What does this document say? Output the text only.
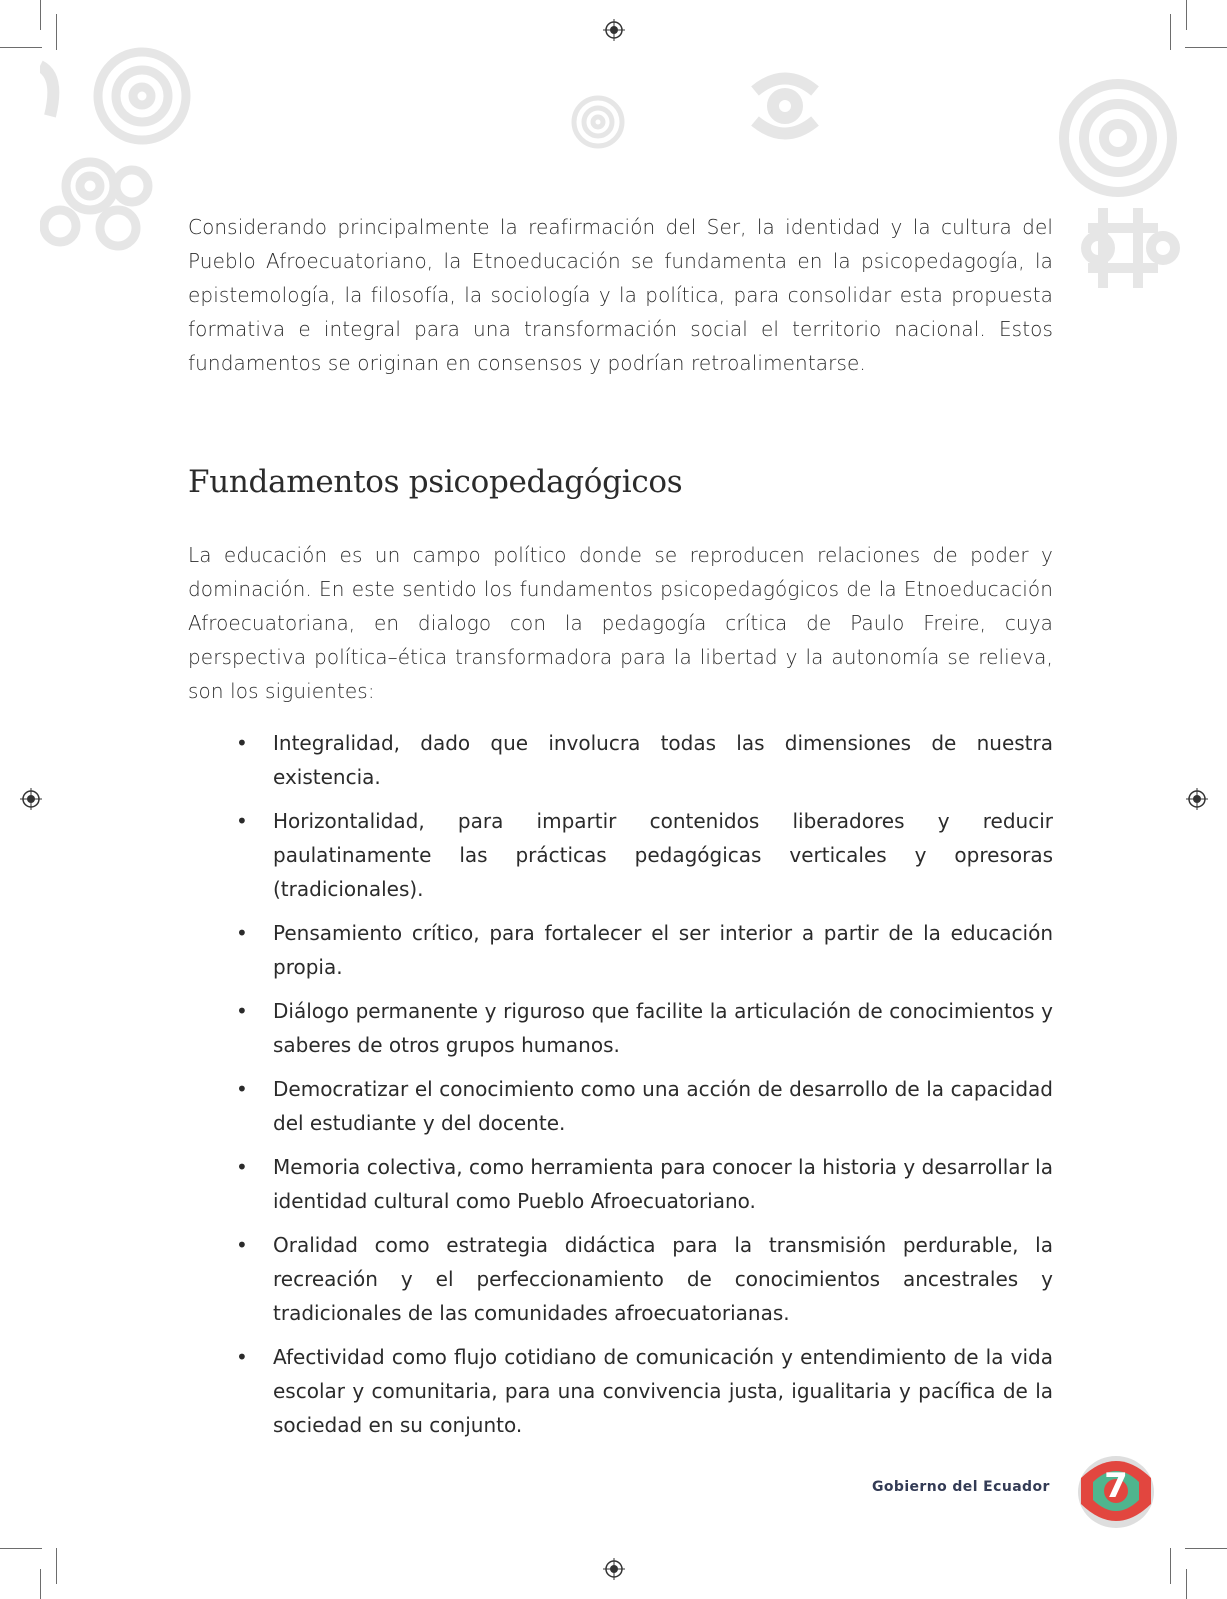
Considerando principalmente la reafirmación del Ser, la identidad y la cultura del Pueblo Afroecuatoriano, la Etnoeducación se fundamenta en la psicopedagogía, la epistemología, la filosofía, la sociología y la política, para consolidar esta propuesta formativa e integral para una transformación social el territorio nacional. Estos fundamentos se originan en consensos y podrían retroalimentarse.

Fundamentos psicopedagógicos

La educación es un campo político donde se reproducen relaciones de poder y dominación. En este sentido los fundamentos psicopedagógicos de la Etnoeducación Afroecuatoriana, en dialogo con la pedagogía crítica de Paulo Freire, cuya perspectiva política–ética transformadora para la libertad y la autonomía se relieva, son los siguientes:

• Integralidad, dado que involucra todas las dimensiones de nuestra existencia.
• Horizontalidad, para impartir contenidos liberadores y reducir paulatinamente las prácticas pedagógicas verticales y opresoras (tradicionales).
• Pensamiento crítico, para fortalecer el ser interior a partir de la educación propia.
• Diálogo permanente y riguroso que facilite la articulación de conocimientos y saberes de otros grupos humanos.
• Democratizar el conocimiento como una acción de desarrollo de la capacidad del estudiante y del docente.
• Memoria colectiva, como herramienta para conocer la historia y desarrollar la identidad cultural como Pueblo Afroecuatoriano.
• Oralidad como estrategia didáctica para la transmisión perdurable, la recreación y el perfeccionamiento de conocimientos ancestrales y tradicionales de las comunidades afroecuatorianas.
• Afectividad como flujo cotidiano de comunicación y entendimiento de la vida escolar y comunitaria, para una convivencia justa, igualitaria y pacífica de la sociedad en su conjunto.
Gobierno del Ecuador	7
